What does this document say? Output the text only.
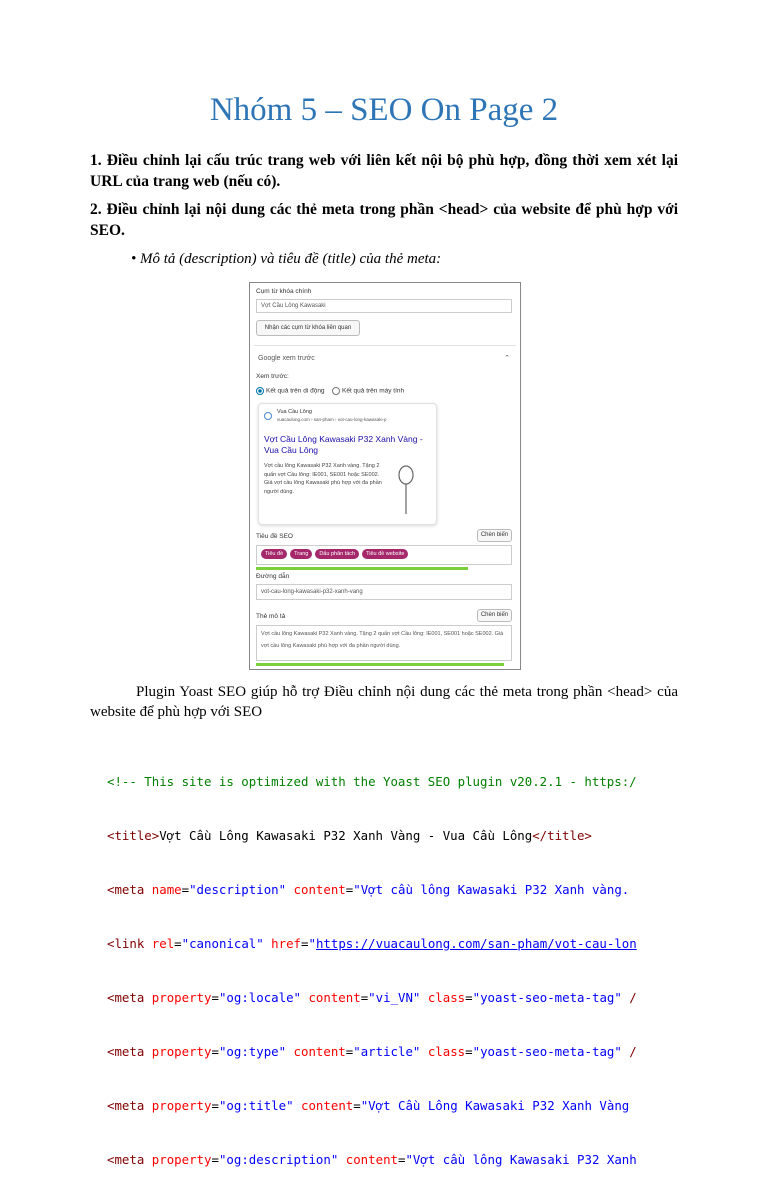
Nhóm 5 – SEO On Page 2
1. Điều chỉnh lại cấu trúc trang web với liên kết nội bộ phù hợp, đồng thời xem xét lại URL của trang web (nếu có).
2. Điều chỉnh lại nội dung các thẻ meta trong phần <head> của website để phù hợp với SEO.
• Mô tả (description) và tiêu đề (title) của thẻ meta:
Cụm từ khóa chính
Vợt Cầu Lông Kawasaki
Nhận các cụm từ khóa liên quan
Google xem trước	⌃
Xem trước:
Kết quả trên di động	Kết quả trên máy tính
Vua Cầu Lông
vuacaulong.com › san-pham › vot-cau-long-kawasaki-p
Vợt Cầu Lông Kawasaki P32 Xanh Vàng - Vua Cầu Lông
Vợt cầu lông Kawasaki P32 Xanh vàng. Tặng 2 quấn vợt Cầu lông: IE001, SE001 hoặc SE002. Giá vợt cầu lông Kawasaki phù hợp với đa phần người dùng.
Tiêu đề SEO	Chèn biến
Tiêu đề Trang Dấu phân tách Tiêu đề website
Đường dẫn
vot-cau-long-kawasaki-p32-xanh-vang
Thẻ mô tả	Chèn biến
Vợt cầu lông Kawasaki P32 Xanh vàng. Tặng 2 quấn vợt Cầu lông: IE001, SE001 hoặc SE002. Giá vợt cầu lông Kawasaki phù hợp với đa phần người dùng.
Plugin Yoast SEO giúp hỗ trợ Điều chỉnh nội dung các thẻ meta trong phần <head> của website để phù hợp với SEO

<!-- This site is optimized with the Yoast SEO plugin v20.2.1 - https:/

<title>Vợt Cầu Lông Kawasaki P32 Xanh Vàng - Vua Cầu Lông</title>

<meta name="description" content="Vợt cầu lông Kawasaki P32 Xanh vàng.

<link rel="canonical" href="https://vuacaulong.com/san-pham/vot-cau-lon

<meta property="og:locale" content="vi_VN" class="yoast-seo-meta-tag" /

<meta property="og:type" content="article" class="yoast-seo-meta-tag" /

<meta property="og:title" content="Vợt Cầu Lông Kawasaki P32 Xanh Vàng

<meta property="og:description" content="Vợt cầu lông Kawasaki P32 Xanh
